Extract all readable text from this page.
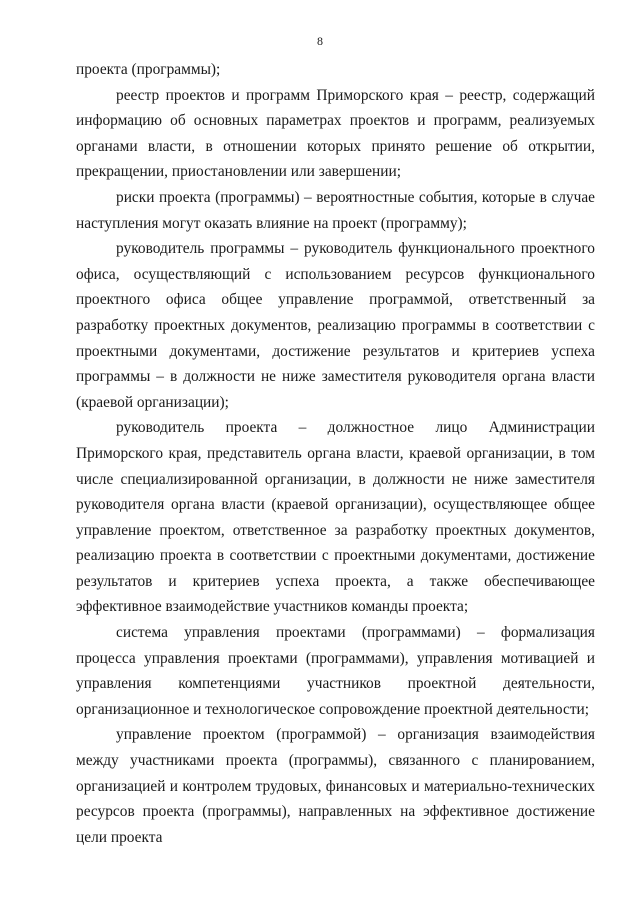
8

проекта (программы);

реестр проектов и программ Приморского края – реестр, содержащий информацию об основных параметрах проектов и программ, реализуемых органами власти, в отношении которых принято решение об открытии, прекращении, приостановлении или завершении;

риски проекта (программы) – вероятностные события, которые в случае наступления могут оказать влияние на проект (программу);

руководитель программы – руководитель функционального проектного офиса, осуществляющий с использованием ресурсов функционального проектного офиса общее управление программой, ответственный за разработку проектных документов, реализацию программы в соответствии с проектными документами, достижение результатов и критериев успеха программы – в должности не ниже заместителя руководителя органа власти (краевой организации);

руководитель проекта – должностное лицо Администрации Приморского края, представитель органа власти, краевой организации, в том числе специализированной организации, в должности не ниже заместителя руководителя органа власти (краевой организации), осуществляющее общее управление проектом, ответственное за разработку проектных документов, реализацию проекта в соответствии с проектными документами, достижение результатов и критериев успеха проекта, а также обеспечивающее эффективное взаимодействие участников команды проекта;

система управления проектами (программами) – формализация процесса управления проектами (программами), управления мотивацией и управления компетенциями участников проектной деятельности, организационное и технологическое сопровождение проектной деятельности;

управление проектом (программой) – организация взаимодействия между участниками проекта (программы), связанного с планированием, организацией и контролем трудовых, финансовых и материально-технических ресурсов проекта (программы), направленных на эффективное достижение цели проекта
